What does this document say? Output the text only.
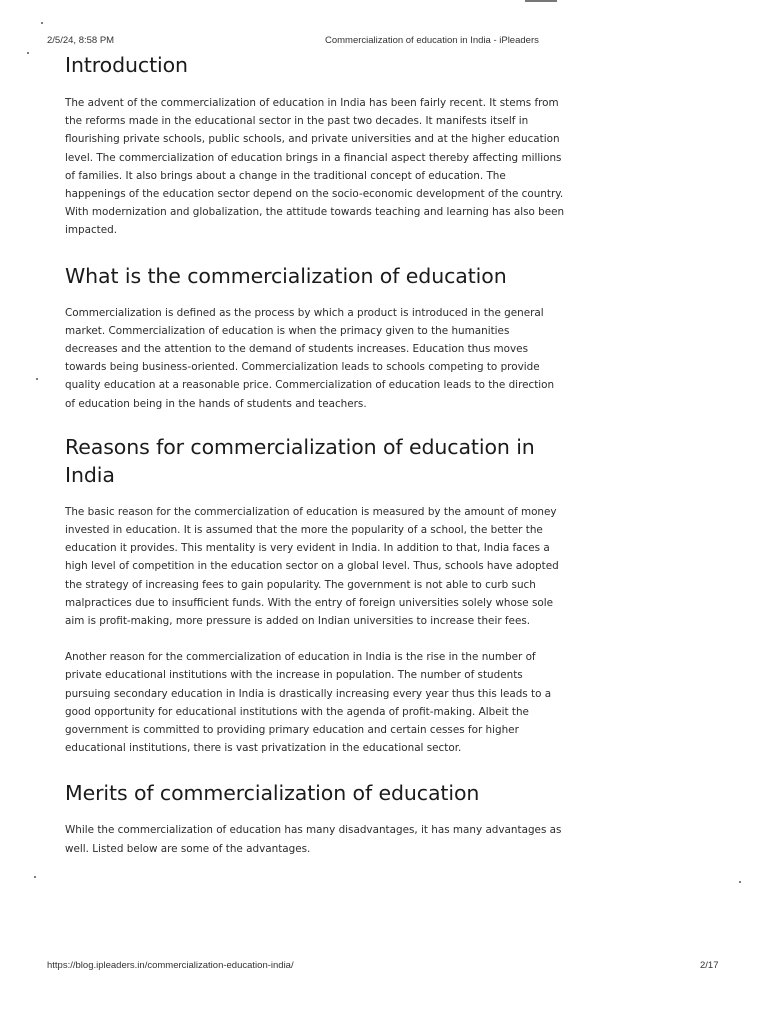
2/5/24, 8:58 PM	Commercialization of education in India - iPleaders
Introduction

The advent of the commercialization of education in India has been fairly recent. It stems from the reforms made in the educational sector in the past two decades. It manifests itself in flourishing private schools, public schools, and private universities and at the higher education level. The commercialization of education brings in a financial aspect thereby affecting millions of families. It also brings about a change in the traditional concept of education. The happenings of the education sector depend on the socio-economic development of the country. With modernization and globalization, the attitude towards teaching and learning has also been impacted.

What is the commercialization of education

Commercialization is defined as the process by which a product is introduced in the general market. Commercialization of education is when the primacy given to the humanities decreases and the attention to the demand of students increases. Education thus moves towards being business-oriented. Commercialization leads to schools competing to provide quality education at a reasonable price. Commercialization of education leads to the direction of education being in the hands of students and teachers.

Reasons for commercialization of education in India

The basic reason for the commercialization of education is measured by the amount of money invested in education. It is assumed that the more the popularity of a school, the better the education it provides. This mentality is very evident in India. In addition to that, India faces a high level of competition in the education sector on a global level. Thus, schools have adopted the strategy of increasing fees to gain popularity. The government is not able to curb such malpractices due to insufficient funds. With the entry of foreign universities solely whose sole aim is profit-making, more pressure is added on Indian universities to increase their fees.

Another reason for the commercialization of education in India is the rise in the number of private educational institutions with the increase in population. The number of students pursuing secondary education in India is drastically increasing every year thus this leads to a good opportunity for educational institutions with the agenda of profit-making. Albeit the government is committed to providing primary education and certain cesses for higher educational institutions, there is vast privatization in the educational sector.

Merits of commercialization of education

While the commercialization of education has many disadvantages, it has many advantages as well. Listed below are some of the advantages.

https://blog.ipleaders.in/commercialization-education-india/	2/17
